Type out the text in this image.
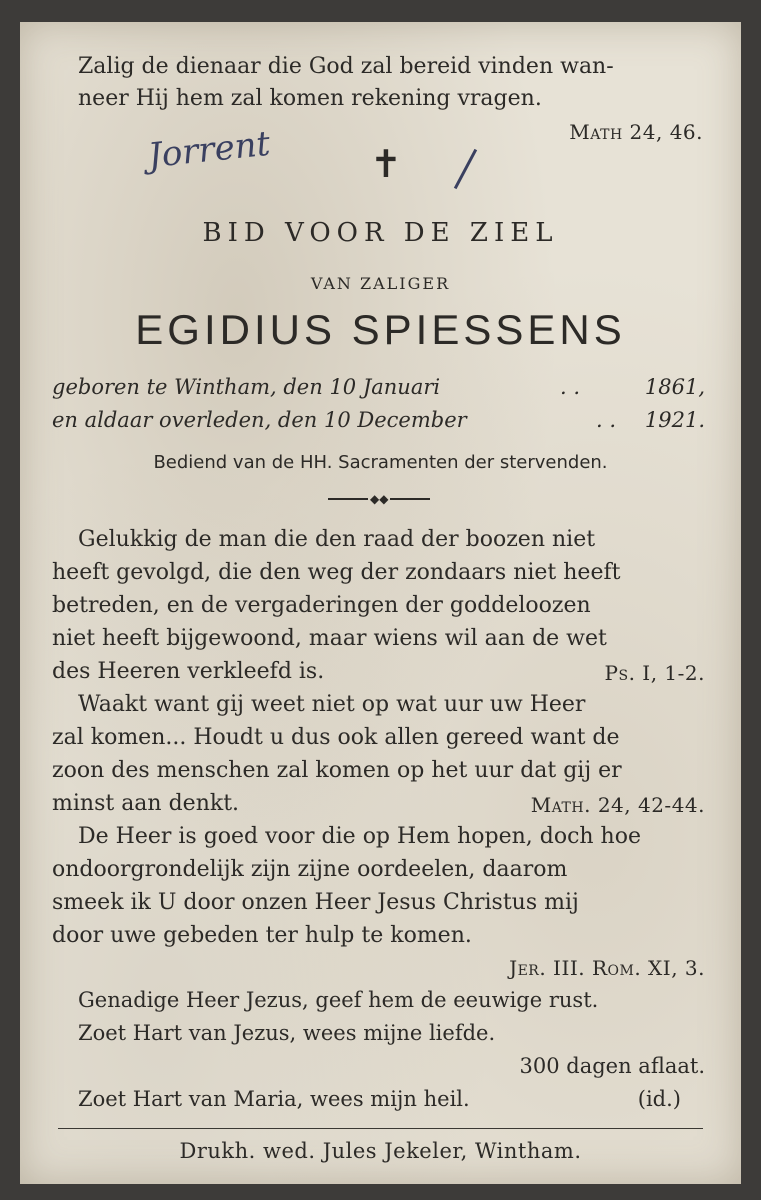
Zalig de dienaar die God zal bereid vinden wan-
neer Hij hem zal komen rekening vragen.
Math 24, 46.
Jorrent	✝
BID VOOR DE ZIEL
VAN ZALIGER
EGIDIUS SPIESSENS
geboren te Wintham, den 10 Januari	. .	1861,
en aldaar overleden, den 10 December	. . 1921.
Bediend van de HH. Sacramenten der stervenden.
◆◆
Gelukkig de man die den raad der boozen niet
heeft gevolgd, die den weg der zondaars niet heeft
betreden, en de vergaderingen der goddeloozen
niet heeft bijgewoond, maar wiens wil aan de wet
des Heeren verkleefd is.	Ps. I, 1-2.
Waakt want gij weet niet op wat uur uw Heer
zal komen... Houdt u dus ook allen gereed want de
zoon des menschen zal komen op het uur dat gij er
minst aan denkt.	Math. 24, 42-44.
De Heer is goed voor die op Hem hopen, doch hoe
ondoorgrondelijk zijn zijne oordeelen, daarom
smeek ik U door onzen Heer Jesus Christus mij
door uwe gebeden ter hulp te komen.
Jer. III. Rom. XI, 3.
Genadige Heer Jezus, geef hem de eeuwige rust.
Zoet Hart van Jezus, wees mijne liefde.
300 dagen aflaat.
Zoet Hart van Maria, wees mijn heil.	(id.)
Drukh. wed. Jules Jekeler, Wintham.
